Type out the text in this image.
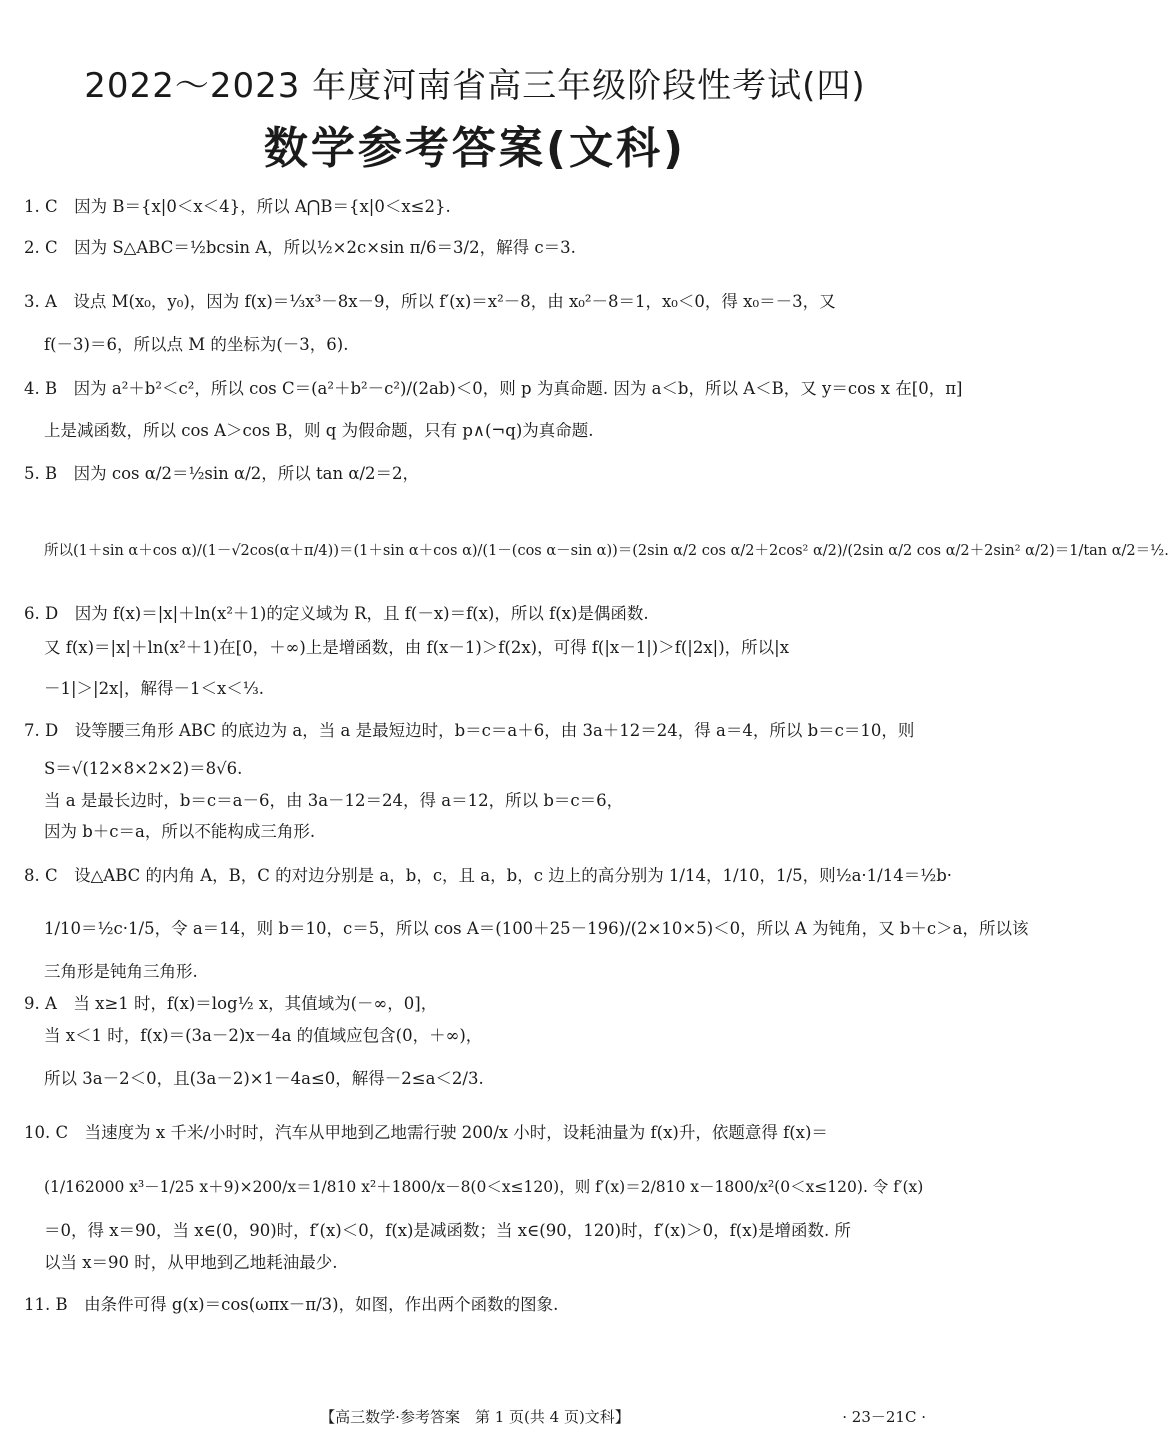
2022～2023 年度河南省高三年级阶段性考试(四)
数学参考答案(文科)
1. C　因为 B＝{x|0＜x＜4}，所以 A⋂B＝{x|0＜x≤2}.
2. C　因为 S△ABC＝½bcsin A，所以½×2c×sin π/6＝3/2，解得 c＝3.
3. A　设点 M(x₀，y₀)，因为 f(x)＝⅓x³－8x－9，所以 f′(x)＝x²－8，由 x₀²－8＝1，x₀＜0，得 x₀＝－3，又
f(－3)＝6，所以点 M 的坐标为(－3，6).
4. B　因为 a²＋b²＜c²，所以 cos C＝(a²＋b²－c²)/(2ab)＜0，则 p 为真命题. 因为 a＜b，所以 A＜B，又 y＝cos x 在[0，π]
上是减函数，所以 cos A＞cos B，则 q 为假命题，只有 p∧(¬q)为真命题.
5. B　因为 cos α/2＝½sin α/2，所以 tan α/2＝2，
所以(1＋sin α＋cos α)/(1－√2cos(α＋π/4))＝(1＋sin α＋cos α)/(1－(cos α－sin α))＝(2sin α/2 cos α/2＋2cos² α/2)/(2sin α/2 cos α/2＋2sin² α/2)＝1/tan α/2＝½.
6. D　因为 f(x)＝|x|＋ln(x²＋1)的定义域为 R，且 f(－x)＝f(x)，所以 f(x)是偶函数.
又 f(x)＝|x|＋ln(x²＋1)在[0，＋∞)上是增函数，由 f(x－1)＞f(2x)，可得 f(|x－1|)＞f(|2x|)，所以|x
－1|＞|2x|，解得－1＜x＜⅓.
7. D　设等腰三角形 ABC 的底边为 a，当 a 是最短边时，b＝c＝a＋6，由 3a＋12＝24，得 a＝4，所以 b＝c＝10，则
S＝√(12×8×2×2)＝8√6.
当 a 是最长边时，b＝c＝a－6，由 3a－12＝24，得 a＝12，所以 b＝c＝6，
因为 b＋c＝a，所以不能构成三角形.
8. C　设△ABC 的内角 A，B，C 的对边分别是 a，b，c，且 a，b，c 边上的高分别为 1/14，1/10，1/5，则½a·1/14＝½b·
1/10＝½c·1/5，令 a＝14，则 b＝10，c＝5，所以 cos A＝(100＋25－196)/(2×10×5)＜0，所以 A 为钝角，又 b＋c＞a，所以该
三角形是钝角三角形.
9. A　当 x≥1 时，f(x)＝log½ x，其值域为(－∞，0]，
当 x＜1 时，f(x)＝(3a－2)x－4a 的值域应包含(0，＋∞)，
所以 3a－2＜0，且(3a－2)×1－4a≤0，解得－2≤a＜2/3.
10. C　当速度为 x 千米/小时时，汽车从甲地到乙地需行驶 200/x 小时，设耗油量为 f(x)升，依题意得 f(x)＝
(1/162000 x³－1/25 x＋9)×200/x＝1/810 x²＋1800/x－8(0＜x≤120)，则 f′(x)＝2/810 x－1800/x²(0＜x≤120). 令 f′(x)
＝0，得 x＝90，当 x∈(0，90)时，f′(x)＜0，f(x)是减函数；当 x∈(90，120)时，f′(x)＞0，f(x)是增函数. 所
以当 x＝90 时，从甲地到乙地耗油最少.
11. B　由条件可得 g(x)＝cos(ωπx－π/3)，如图，作出两个函数的图象.
【高三数学·参考答案　第 1 页(共 4 页)文科】	· 23－21C ·
